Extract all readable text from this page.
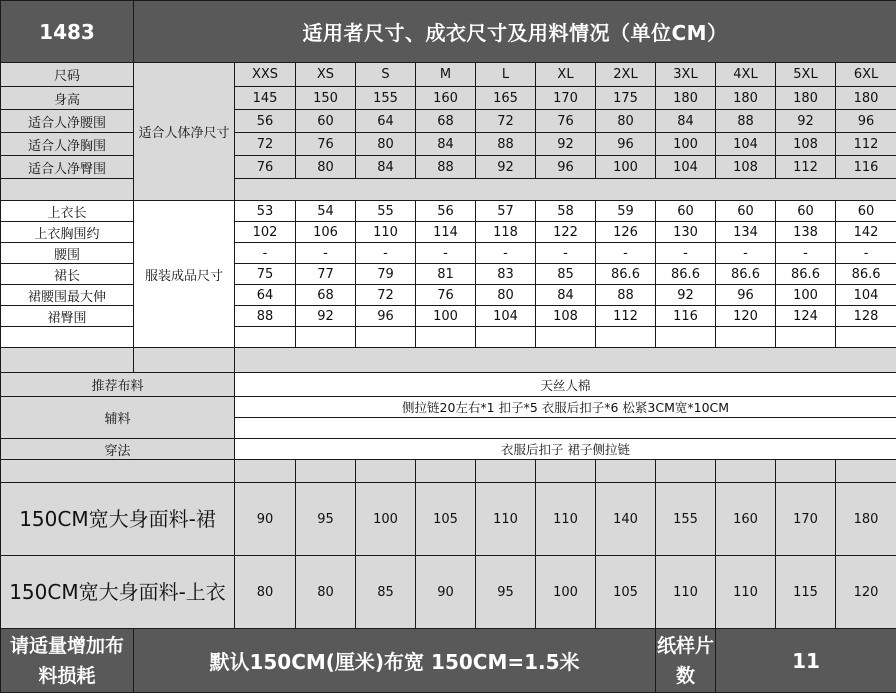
1483	适用者尺寸、成衣尺寸及用料情况（单位CM）											
尺码	适合人体净尺寸	XXS	XS	S	M	L	XL	2XL	3XL	4XL	5XL	6XL
身高		145	150	155	160	165	170	175	180	180	180	180
适合人净腰围		56	60	64	68	72	76	80	84	88	92	96
适合人净胸围		72	76	80	84	88	92	96	100	104	108	112
适合人净臀围		76	80	84	88	92	96	100	104	108	112	116

上衣长	服装成品尺寸	53	54	55	56	57	58	59	60	60	60	60
上衣胸围约		102	106	110	114	118	122	126	130	134	138	142
腰围		-	-	-	-	-	-	-	-	-	-	-
裙长		75	77	79	81	83	85	86.6	86.6	86.6	86.6	86.6
裙腰围最大伸		64	68	72	76	80	84	88	92	96	100	104
裙臀围		88	92	96	100	104	108	112	116	120	124	128

推荐布料		天丝人棉										
辅料		侧拉链20左右*1 扣子*5 衣服后扣子*6 松紧3CM宽*10CM										

穿法		衣服后扣子 裙子侧拉链										

150CM宽大身面料-裙		90	95	100	105	110	110	140	155	160	170	180
150CM宽大身面料-上衣		80	80	85	90	95	100	105	110	110	115	120
请适量增加布料损耗	默认150CM(厘米)布宽 150CM=1.5米								纸样片数	11		
